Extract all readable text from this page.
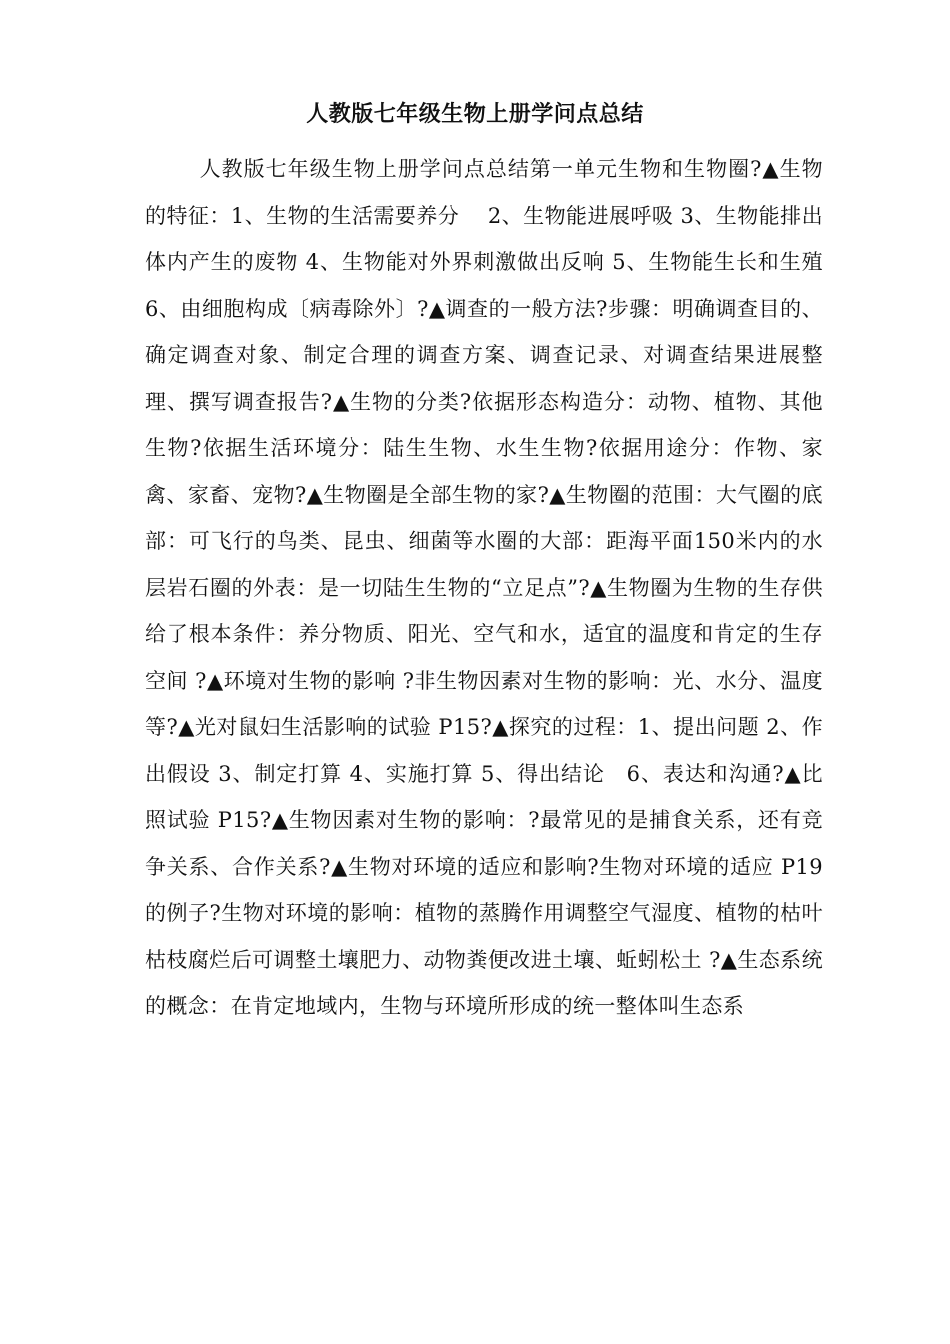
人教版七年级生物上册学问点总结
人教版七年级生物上册学问点总结第一单元生物和生物圈?▲生物的特征：1、生物的生活需要养分　 2、生物能进展呼吸 3、生物能排出体内产生的废物 4、生物能对外界刺激做出反响 5、生物能生长和生殖　 6、由细胞构成〔病毒除外〕?▲调查的一般方法?步骤：明确调查目的、确定调查对象、制定合理的调查方案、调查记录、对调查结果进展整理、撰写调查报告?▲生物的分类?依据形态构造分：动物、植物、其他生物?依据生活环境分：陆生生物、水生生物?依据用途分：作物、家禽、家畜、宠物?▲生物圈是全部生物的家?▲生物圈的范围：大气圈的底部：可飞行的鸟类、昆虫、细菌等水圈的大部：距海平面150米内的水层岩石圈的外表：是一切陆生生物的“立足点”?▲生物圈为生物的生存供给了根本条件：养分物质、阳光、空气和水，适宜的温度和肯定的生存空间 ?▲环境对生物的影响 ?非生物因素对生物的影响：光、水分、温度等?▲光对鼠妇生活影响的试验 P15?▲探究的过程：1、提出问题 2、作出假设 3、制定打算 4、实施打算 5、得出结论　6、表达和沟通?▲比照试验 P15?▲生物因素对生物的影响：?最常见的是捕食关系，还有竞争关系、合作关系?▲生物对环境的适应和影响?生物对环境的适应 P19 的例子?生物对环境的影响：植物的蒸腾作用调整空气湿度、植物的枯叶枯枝腐烂后可调整土壤肥力、动物粪便改进土壤、蚯蚓松土 ?▲生态系统的概念：在肯定地域内，生物与环境所形成的统一整体叫生态系
